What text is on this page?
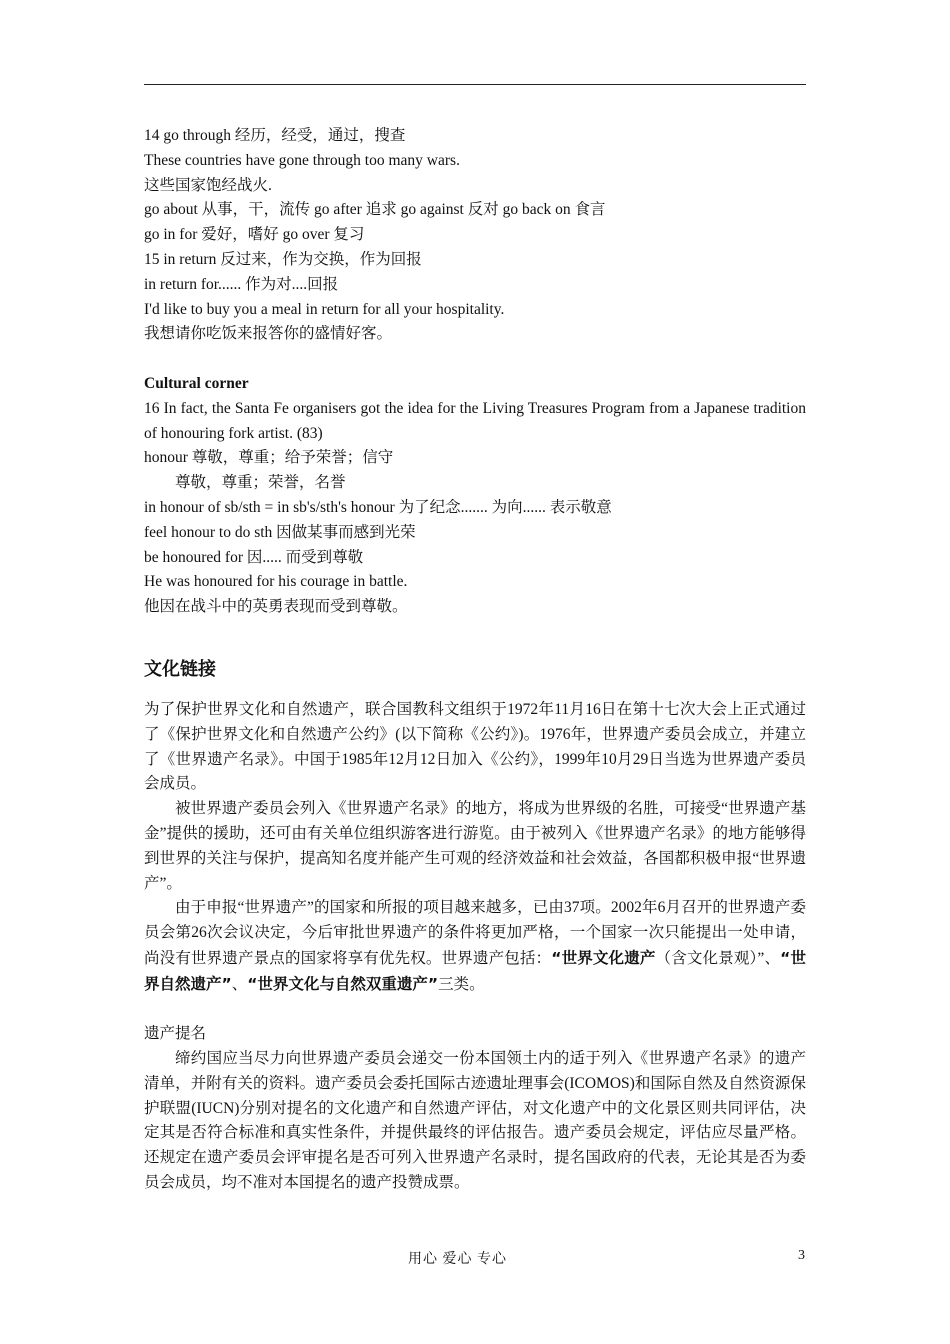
14 go through 经历，经受，通过，搜查
These countries have gone through too many wars.
这些国家饱经战火.
go about 从事，干，流传 go after 追求 go against 反对 go back on 食言
go in for 爱好，嗜好 go over 复习
15 in return 反过来，作为交换，作为回报
in return for...... 作为对....回报
I'd like to buy you a meal in return for all your hospitality.
我想请你吃饭来报答你的盛情好客。
Cultural corner
16 In fact, the Santa Fe organisers got the idea for the Living Treasures Program from a Japanese tradition of honouring fork artist. (83)
honour 尊敬，尊重；给予荣誉；信守
尊敬，尊重；荣誉，名誉
in honour of sb/sth = in sb's/sth's honour 为了纪念....... 为向...... 表示敬意
feel honour to do sth 因做某事而感到光荣
be honoured for 因..... 而受到尊敬
He was honoured for his courage in battle.
他因在战斗中的英勇表现而受到尊敬。
文化链接
为了保护世界文化和自然遗产，联合国教科文组织于1972年11月16日在第十七次大会上正式通过了《保护世界文化和自然遗产公约》(以下简称《公约》)。1976年，世界遗产委员会成立，并建立了《世界遗产名录》。中国于1985年12月12日加入《公约》，1999年10月29日当选为世界遗产委员会成员。
被世界遗产委员会列入《世界遗产名录》的地方，将成为世界级的名胜，可接受“世界遗产基金”提供的援助，还可由有关单位组织游客进行游览。由于被列入《世界遗产名录》的地方能够得到世界的关注与保护，提高知名度并能产生可观的经济效益和社会效益，各国都积极申报“世界遗产”。
由于申报“世界遗产”的国家和所报的项目越来越多，已由37项。2002年6月召开的世界遗产委员会第26次会议决定，今后审批世界遗产的条件将更加严格，一个国家一次只能提出一处申请，尚没有世界遗产景点的国家将享有优先权。世界遗产包括：“世界文化遗产（含文化景观）”、“世界自然遗产”、“世界文化与自然双重遗产”三类。
遗产提名
缔约国应当尽力向世界遗产委员会递交一份本国领土内的适于列入《世界遗产名录》的遗产清单，并附有关的资料。遗产委员会委托国际古迹遗址理事会(ICOMOS)和国际自然及自然资源保护联盟(IUCN)分别对提名的文化遗产和自然遗产评估，对文化遗产中的文化景区则共同评估，决定其是否符合标准和真实性条件，并提供最终的评估报告。遗产委员会规定，评估应尽量严格。还规定在遗产委员会评审提名是否可列入世界遗产名录时，提名国政府的代表，无论其是否为委员会成员，均不准对本国提名的遗产投赞成票。
用心 爱心 专心	3
